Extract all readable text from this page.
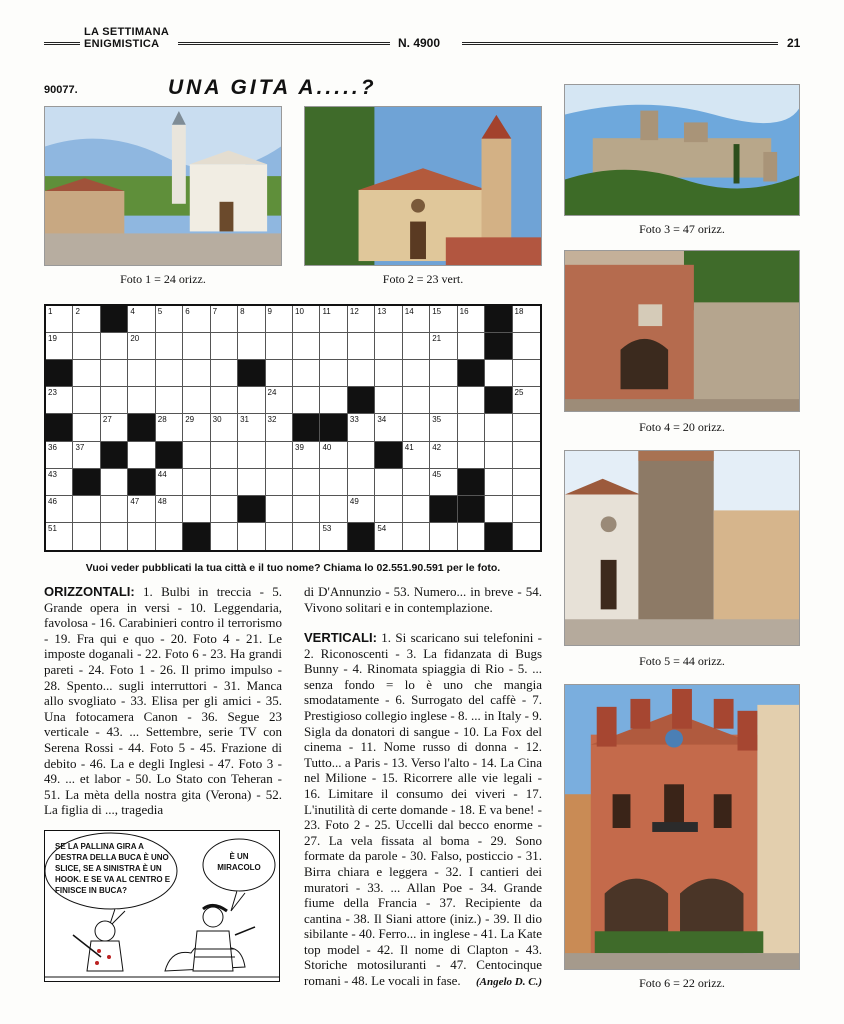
LA SETTIMANA ENIGMISTICA	N. 4900	21
90077.	UNA GITA A.....?
Foto 1 = 24 orizz.	Foto 2 = 23 vert.
Foto 3 = 47 orizz.
Foto 4 = 20 orizz.
Foto 5 = 44 orizz.
Foto 6 = 22 orizz.
1	2	4	5	6	7	8	9	10	11	12	13	14	15	16	18
19	20	21
23	24	25
27	28	29	30	31	32	33	34	35
36	37	39	40	41	42
43	44	45
46	47	48	49
51	53	54
Vuoi veder pubblicati la tua città e il tuo nome? Chiama lo 02.551.90.591 per le foto.
ORIZZONTALI: 1. Bulbi in treccia - 5. Grande opera in versi - 10. Leggendaria, favolosa - 16. Carabinieri contro il terrorismo - 19. Fra qui e quo - 20. Foto 4 - 21. Le imposte doganali - 22. Foto 6 - 23. Ha grandi pareti - 24. Foto 1 - 26. Il primo impulso - 28. Spento... sugli interruttori - 31. Manca allo svogliato - 33. Elisa per gli amici - 35. Una fotocamera Canon - 36. Segue 23 verticale - 43. ... Settembre, serie TV con Serena Rossi - 44. Foto 5 - 45. Frazione di debito - 46. La e degli Inglesi - 47. Foto 3 - 49. ... et labor - 50. Lo Stato con Teheran - 51. La mèta della nostra gita (Verona) - 52. La figlia di ..., tragedia
SE LA PALLINA GIRA A DESTRA DELLA BUCA È UNO SLICE, SE A SINISTRA È UN HOOK. E SE VA AL CENTRO E FINISCE IN BUCA?
È UN MIRACOLO
di D'Annunzio - 53. Numero... in breve - 54. Vivono solitari e in contemplazione.
VERTICALI: 1. Si scaricano sui telefonini - 2. Riconoscenti - 3. La fidanzata di Bugs Bunny - 4. Rinomata spiaggia di Rio - 5. ... senza fondo = lo è uno che mangia smodatamente - 6. Surrogato del caffè - 7. Prestigioso collegio inglese - 8. ... in Italy - 9. Sigla da donatori di sangue - 10. La Fox del cinema - 11. Nome russo di donna - 12. Tutto... a Paris - 13. Verso l'alto - 14. La Cina nel Milione - 15. Ricorrere alle vie legali - 16. Limitare il consumo dei viveri - 17. L'inutilità di certe domande - 18. E va bene! - 23. Foto 2 - 25. Uccelli dal becco enorme - 27. La vela fissata al boma - 29. Sono formate da parole - 30. Falso, posticcio - 31. Birra chiara e leggera - 32. I cantieri dei muratori - 33. ... Allan Poe - 34. Grande fiume della Francia - 37. Recipiente da cantina - 38. Il Siani attore (iniz.) - 39. Il dio sibilante - 40. Ferro... in inglese - 41. La Kate top model - 42. Il nome di Clapton - 43. Storiche motosiluranti - 47. Centocinque romani - 48. Le vocali in fase.	(Angelo D. C.)
